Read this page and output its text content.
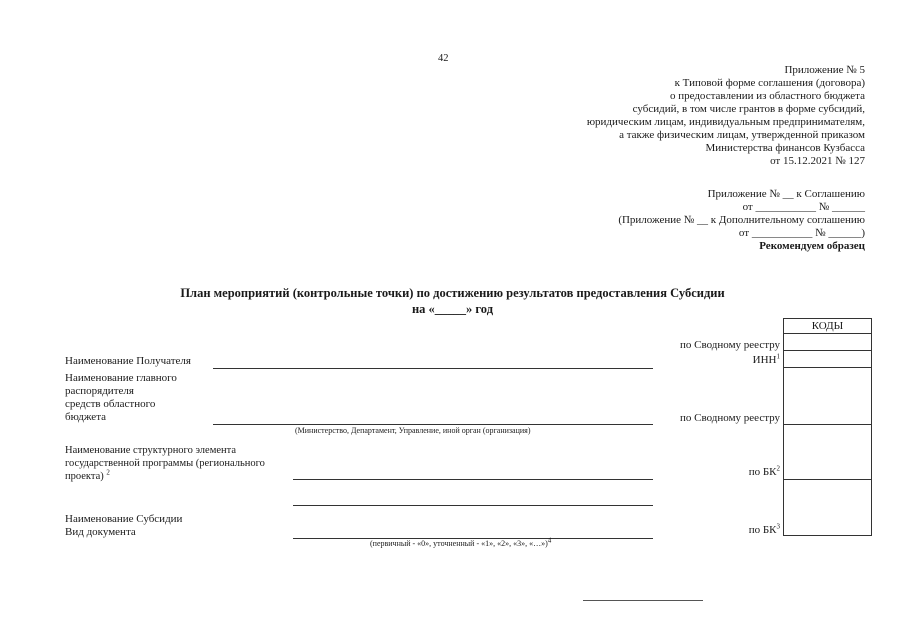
42
Приложение № 5
к Типовой форме соглашения (договора)
о предоставлении из областного бюджета
субсидий, в том числе грантов в форме субсидий,
юридическим лицам, индивидуальным предпринимателям,
а также физическим лицам, утвержденной приказом
Министерства финансов Кузбасса
от 15.12.2021 № 127
Приложение № __ к Соглашению
от ___________ № ______
(Приложение № __ к Дополнительному соглашению
от ___________ № ______)
Рекомендуем образец
План мероприятий (контрольные точки) по достижению результатов предоставления Субсидии
на «_____» год
КОДЫ
по Сводному реестру
ИНН$^1$
по Сводному реестру
по $БК^2$
по $БК^3$
Наименование Получателя
Наименование главного
распорядителя
средств областного
бюджета
(Министерство, Департамент, Управление, иной орган (организация)
Наименование структурного элемента
государственной программы (регионального
проекта) $^2$
Наименование Субсидии
Вид документа
(первичный - «0», уточненный - «1», «2», «3», «…»)$^4$
